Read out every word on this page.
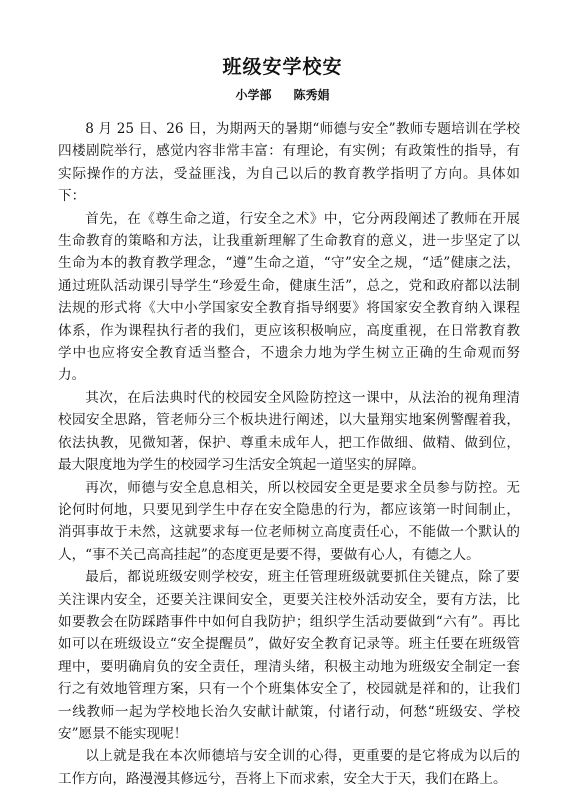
班级安学校安
小学部 陈秀娟

8 月 25 日、26 日，为期两天的暑期“师德与安全”教师专题培训在学校四楼剧院举行，感觉内容非常丰富：有理论，有实例；有政策性的指导，有实际操作的方法，受益匪浅，为自己以后的教育教学指明了方向。具体如下：

首先，在《尊生命之道，行安全之术》中，它分两段阐述了教师在开展生命教育的策略和方法，让我重新理解了生命教育的意义，进一步坚定了以生命为本的教育教学理念，“遵”生命之道，“守”安全之规，“适”健康之法，通过班队活动课引导学生“珍爱生命，健康生活”，总之，党和政府都以法制法规的形式将《大中小学国家安全教育指导纲要》将国家安全教育纳入课程体系，作为课程执行者的我们，更应该积极响应，高度重视，在日常教育教学中也应将安全教育适当整合，不遗余力地为学生树立正确的生命观而努力。

其次，在后法典时代的校园安全风险防控这一课中，从法治的视角理清校园安全思路，管老师分三个板块进行阐述，以大量翔实地案例警醒着我，依法执教，见微知著，保护、尊重未成年人，把工作做细、做精、做到位，最大限度地为学生的校园学习生活安全筑起一道坚实的屏障。

再次，师德与安全息息相关，所以校园安全更是要求全员参与防控。无论何时何地，只要见到学生中存在安全隐患的行为，都应该第一时间制止，消弭事故于未然，这就要求每一位老师树立高度责任心，不能做一个默认的人，“事不关己高高挂起”的态度更是要不得，要做有心人，有德之人。

最后，都说班级安则学校安，班主任管理班级就要抓住关键点，除了要关注课内安全，还要关注课间安全，更要关注校外活动安全，要有方法，比如要教会在防踩踏事件中如何自我防护；组织学生活动要做到“六有”。再比如可以在班级设立“安全提醒员”，做好安全教育记录等。班主任要在班级管理中，要明确肩负的安全责任，理清头绪，积极主动地为班级安全制定一套行之有效地管理方案，只有一个个班集体安全了，校园就是祥和的，让我们一线教师一起为学校地长治久安献计献策，付诸行动，何愁“班级安、学校安”愿景不能实现呢！

以上就是我在本次师德培与安全训的心得，更重要的是它将成为以后的工作方向，路漫漫其修远兮，吾将上下而求索，安全大于天，我们在路上。
